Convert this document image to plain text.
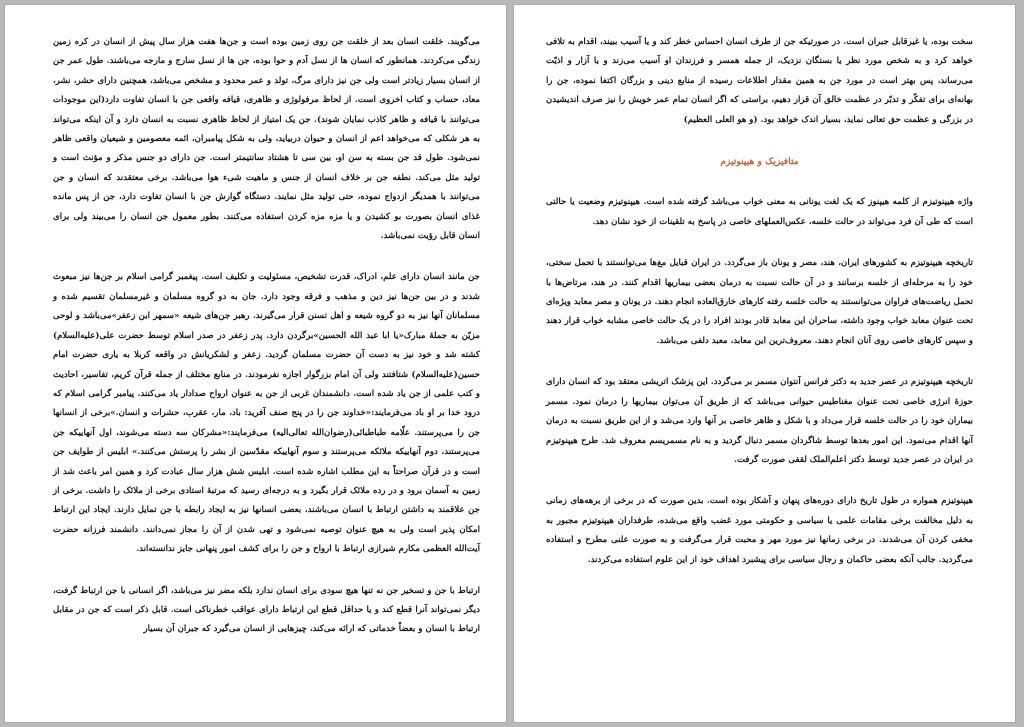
می‌گویند. خلقت انسان بعد از خلقت جن روی زمین بوده است و جن‌ها هفت هزار سال پیش از انسان در کره زمین زندگی می‌کردند. همانطور که انسان ها از نسل آدم و حوا بوده، جن ها از نسل سارج و مارجه می‌باشند. طول عمر جن از انسان بسیار زیادتر است ولی جن نیز دارای مرگ، تولد و عمر محدود و مشخص می‌باشد، همچنین دارای حشر، نشر، معاد، حساب و کتاب اخروی است. از لحاظ مرفولوژی و ظاهری، قیافه واقعی جن با انسان تفاوت دارد(این موجودات می‌توانند با قیافه و ظاهر کاذب نمایان شوند). جن یک امتیاز از لحاظ ظاهری نسبت به انسان دارد و آن اینکه می‌تواند به هر شکلی که می‌خواهد اعم از انسان و حیوان دربیاید، ولی به شکل پیامبران، ائمه معصومین و شیعیان واقعی ظاهر نمی‌شود. طول قد جن بسته به سن او، بین سی تا هشتاد سانتیمتر است. جن دارای دو جنس مذکر و مؤنث است و تولید مثل می‌کند. نطفه جن بر خلاف انسان از جنس و ماهیت شیء هوا می‌باشد. برخی معتقدند که انسان و جن می‌توانند با همدیگر ازدواج نموده، حتی تولید مثل نمایند. دستگاه گوارش جن با انسان تفاوت دارد، جن از پس مانده غذای انسان بصورت بو کشیدن و یا مزه مزه کردن استفاده می‌کنند. بطور معمول جن انسان را می‌بیند ولی برای انسان قابل رؤیت نمی‌باشد.

جن مانند انسان دارای علم، ادراک، قدرت تشخیص، مسئولیت و تکلیف است. پیغمبر گرامی اسلام بر جن‌ها نیز مبعوث شدند و در بین جن‌ها نیز دین و مذهب و فرقه وجود دارد. جان به دو گروه مسلمان و غیرمسلمان تقسیم شده و مسلمانان آنها نیز به دو گروه شیعه و اهل تسنن قرار می‌گیرند. رهبر جن‌های شیعه «سمهر ابن زعفر»می‌باشد و لوحی مزیّن به جملهٔ مبارک«یا ابا عبد الله الحسین»برگردن دارد. پدر زعفر در صدر اسلام توسط حضرت علی(علیه‌السلام) کشته شد و خود نیز به دست آن حضرت مسلمان گردید. زعفر و لشکریانش در واقعه کربلا به یاری حضرت امام حسین(علیه‌السلام) شتافتند ولی آن امام بزرگوار اجازه نفرمودند. در منابع مختلف از جمله قرآن کریم، تفاسیر، احادیث و کتب علمی از جن یاد شده است. دانشمندان غربی از جن به عنوان ارواح صدادار یاد می‌کنند. پیامبر گرامی اسلام که درود خدا بر او باد می‌فرمایند:«خداوند جن را در پنج صنف آفرید: باد، مار، عقرب، حشرات و انسان.»برخی از انسانها جن را می‌پرستند. علّامه طباطبائی(رضوان‌الله تعالی‌الیه) می‌فرمایند:«مشرکان سه دسته می‌شوند، اول آنهاییکه جن می‌پرستند، دوم آنهاییکه ملائکه می‌پرستند و سوم آنهاییکه مقدّسین از بشر را پرستش می‌کنند.» ابلیس از طوایف جن است و در قرآن صراحتاً به این مطلب اشاره شده است. ابلیس شش هزار سال عبادت کرد و همین امر باعث شد از زمین به آسمان برود و در رده ملائک قرار بگیرد و به درجه‌ای رسید که مرتبهٔ استادی برخی از ملائک را داشت. برخی از جن علاقمند به داشتن ارتباط با انسان می‌باشند، بعضی انسانها نیز به ایجاد رابطه با جن تمایل دارند. ایجاد این ارتباط امکان پذیر است ولی به هیچ عنوان توصیه نمی‌شود و تهی شدن از آن را مجاز نمی‌دانند. دانشمند فرزانه حضرت آیت‌الله العظمی مکارم شیرازی ارتباط با ارواح و جن را برای کشف امور پنهانی جایز ندانسته‌اند.

ارتباط با جن و تسخیر جن نه تنها هیچ سودی برای انسان ندارد بلکه مضر نیز می‌باشد، اگر انسانی با جن ارتباط گرفت، دیگر نمی‌تواند آنرا قطع کند و یا حداقل قطع این ارتباط دارای عواقب خطرناکی است. قابل ذکر است که جن در مقابل ارتباط با انسان و بعضاً خدماتی که ارائه می‌کند، چیزهایی از انسان می‌گیرد که جبران آن بسیار

سخت بوده، یا غیرقابل جبران است. در صورتیکه جن از طرف انسان احساس خطر کند و یا آسیب ببیند، اقدام به تلافی خواهد کرد و به شخص مورد نظر یا بستگان نزدیک، از جمله همسر و فرزندان او آسیب می‌زند و یا آزار و اذیّت می‌رساند، پس بهتر است در مورد جن به همین مقدار اطلاعات رسیده از منابع دینی و بزرگان اکتفا نموده، جن را بهانه‌ای برای تفکّر و تدبّر در عظمت خالق آن قرار دهیم، براستی که اگر انسان تمام عمر خویش را نیز صرف اندیشیدن در بزرگی و عظمت حق تعالی نماید، بسیار اندک خواهد بود. (و هو العلی العظیم)

متافیزیک و هیپنوتیزم

واژه هیپنوتیزم از کلمه هیپنوز که یک لغت یونانی به معنی خواب می‌باشد گرفته شده است. هیپنوتیزم وضعیت یا حالتی است که طی آن فرد می‌تواند در حالت خلسه، عکس‌العملهای خاصی در پاسخ به تلقینات از خود نشان دهد.

تاریخچه هیپنوتیزم به کشورهای ایران، هند، مصر و یونان باز می‌گردد. در ایران قبایل مغ‌ها می‌توانستند با تحمل سختی، خود را به مرحله‌ای از خلسه برسانند و در آن حالت نسبت به درمان بعضی بیماریها اقدام کنند. در هند، مرتاض‌ها با تحمل ریاضت‌های فراوان می‌توانستند به حالت خلسه رفته کارهای خارق‌العاده انجام دهند. در یونان و مصر معابد ویژه‌ای تحت عنوان معابد خواب وجود داشته، ساحران این معابد قادر بودند افراد را در یک حالت خاصی مشابه خواب قرار دهند و سپس کارهای خاصی روی آنان انجام دهند. معروف‌ترین این معابد، معبد دلفی می‌باشد.

تاریخچه هیپنوتیزم در عصر جدید به دکتر فرانس آنتوان مسمر بر می‌گردد. این پزشک اتریشی معتقد بود که انسان دارای حوزهٔ انرژی خاصی تحت عنوان مغناطیس حیوانی می‌باشد که از طریق آن می‌توان بیماریها را درمان نمود. مسمر بیماران خود را در حالت خلسه قرار می‌داد و با شکل و ظاهر خاصی بر آنها وارد می‌شد و از این طریق نسبت به درمان آنها اقدام می‌نمود. این امور بعدها توسط شاگردان مسمر دنبال گردید و به نام مسمریسم معروف شد. طرح هیپنوتیزم در ایران در عصر جدید توسط دکتر اعلم‌الملک لقفی صورت گرفت.

هیپنوتیزم همواره در طول تاریخ دارای دوره‌های پنهان و آشکار بوده است. بدین صورت که در برخی از برهه‌های زمانی به دلیل مخالفت برخی مقامات علمی یا سیاسی و حکومتی مورد غضب واقع می‌شده، طرفداران هیپنوتیزم مجبور به مخفی کردن آن می‌شدند. در برخی زمانها نیز مورد مهر و محبت قرار می‌گرفت و به صورت علنی مطرح و استفاده می‌گردید. جالب آنکه بعضی حاکمان و رجال سیاسی برای پیشبرد اهداف خود از این علوم استفاده می‌کردند.
